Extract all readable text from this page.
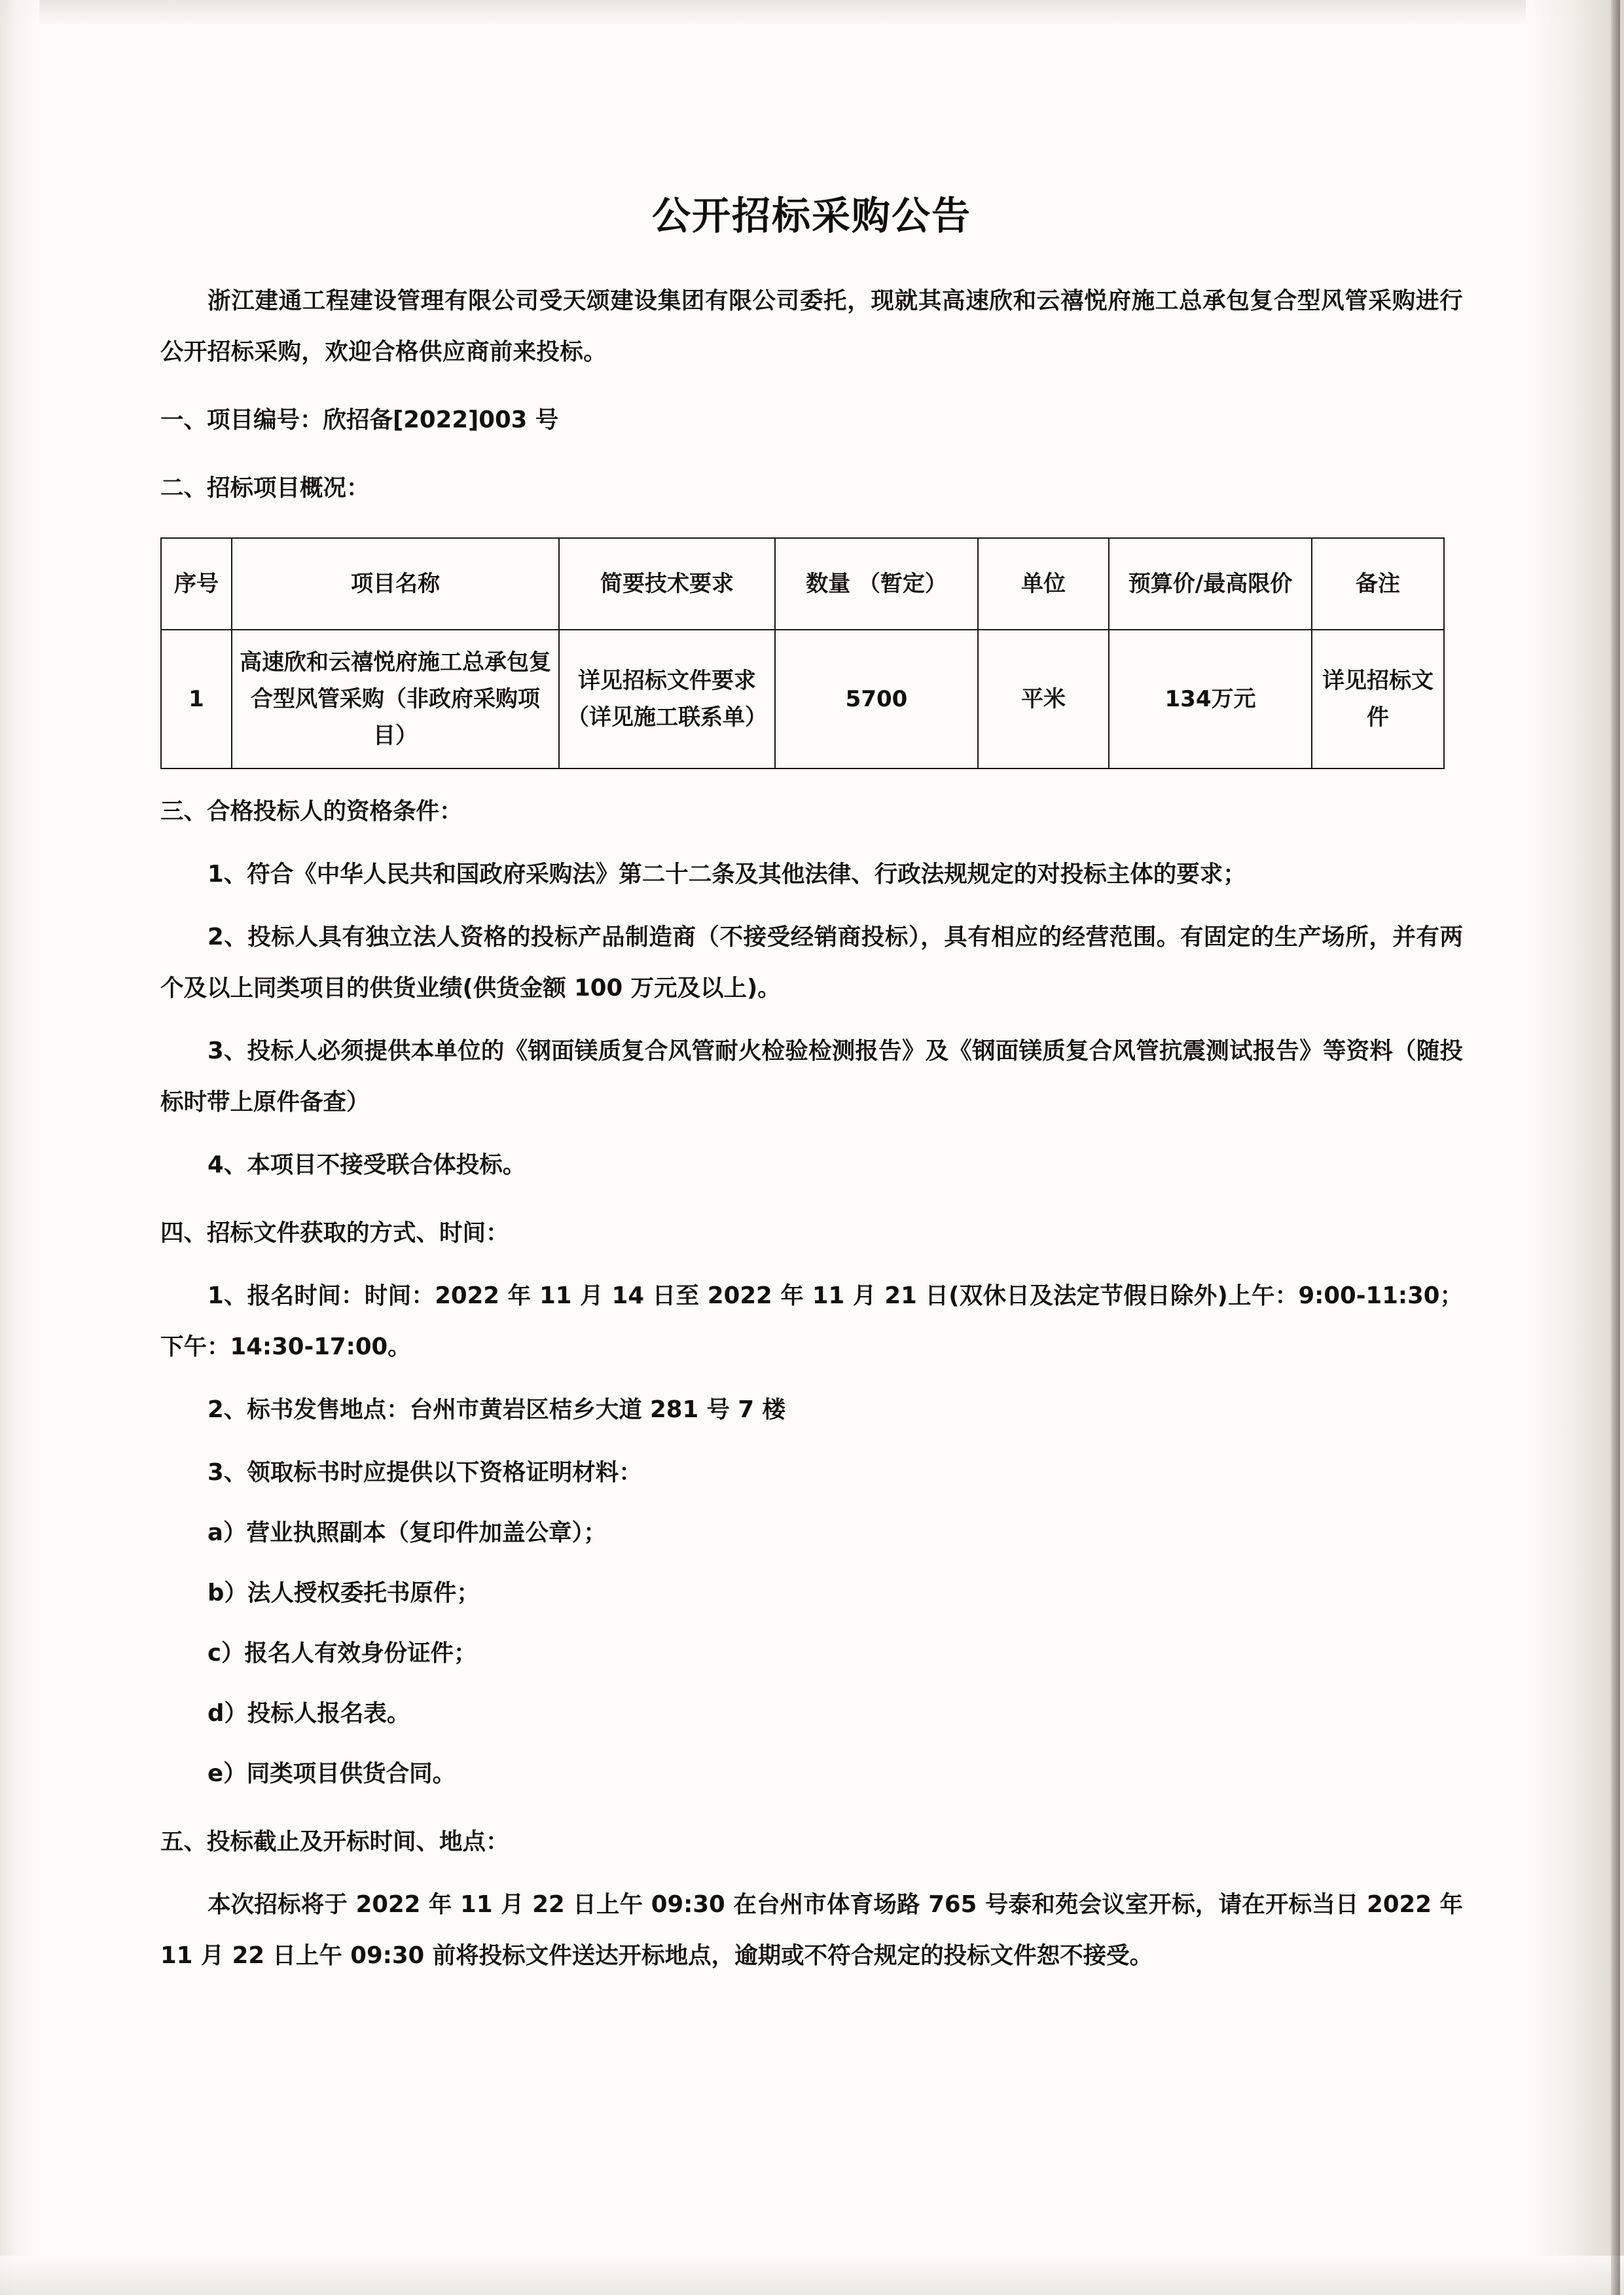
公开招标采购公告

浙江建通工程建设管理有限公司受天颂建设集团有限公司委托，现就其高速欣和云禧悦府施工总承包复合型风管采购进行公开招标采购，欢迎合格供应商前来投标。

一、项目编号：欣招备[2022]003 号

二、招标项目概况：

序号	项目名称	简要技术要求	数量 （暂定）	单位	预算价/最高限价	备注
1	高速欣和云禧悦府施工总承包复合型风管采购（非政府采购项目）	详见招标文件要求（详见施工联系单）	5700	平米	134万元	详见招标文件

三、合格投标人的资格条件：

1、符合《中华人民共和国政府采购法》第二十二条及其他法律、行政法规规定的对投标主体的要求；

2、投标人具有独立法人资格的投标产品制造商（不接受经销商投标），具有相应的经营范围。有固定的生产场所，并有两个及以上同类项目的供货业绩(供货金额 100 万元及以上)。

3、投标人必须提供本单位的《钢面镁质复合风管耐火检验检测报告》及《钢面镁质复合风管抗震测试报告》等资料（随投标时带上原件备查）

4、本项目不接受联合体投标。

四、招标文件获取的方式、时间：

1、报名时间：时间：2022 年 11 月 14 日至 2022 年 11 月 21 日(双休日及法定节假日除外)上午：9:00-11:30；下午：14:30-17:00。

2、标书发售地点：台州市黄岩区桔乡大道 281 号 7 楼

3、领取标书时应提供以下资格证明材料：

a）营业执照副本（复印件加盖公章）；

b）法人授权委托书原件；

c）报名人有效身份证件；

d）投标人报名表。

e）同类项目供货合同。

五、投标截止及开标时间、地点：

本次招标将于 2022 年 11 月 22 日上午 09:30 在台州市体育场路 765 号泰和苑会议室开标，请在开标当日 2022 年 11 月 22 日上午 09:30 前将投标文件送达开标地点，逾期或不符合规定的投标文件恕不接受。
